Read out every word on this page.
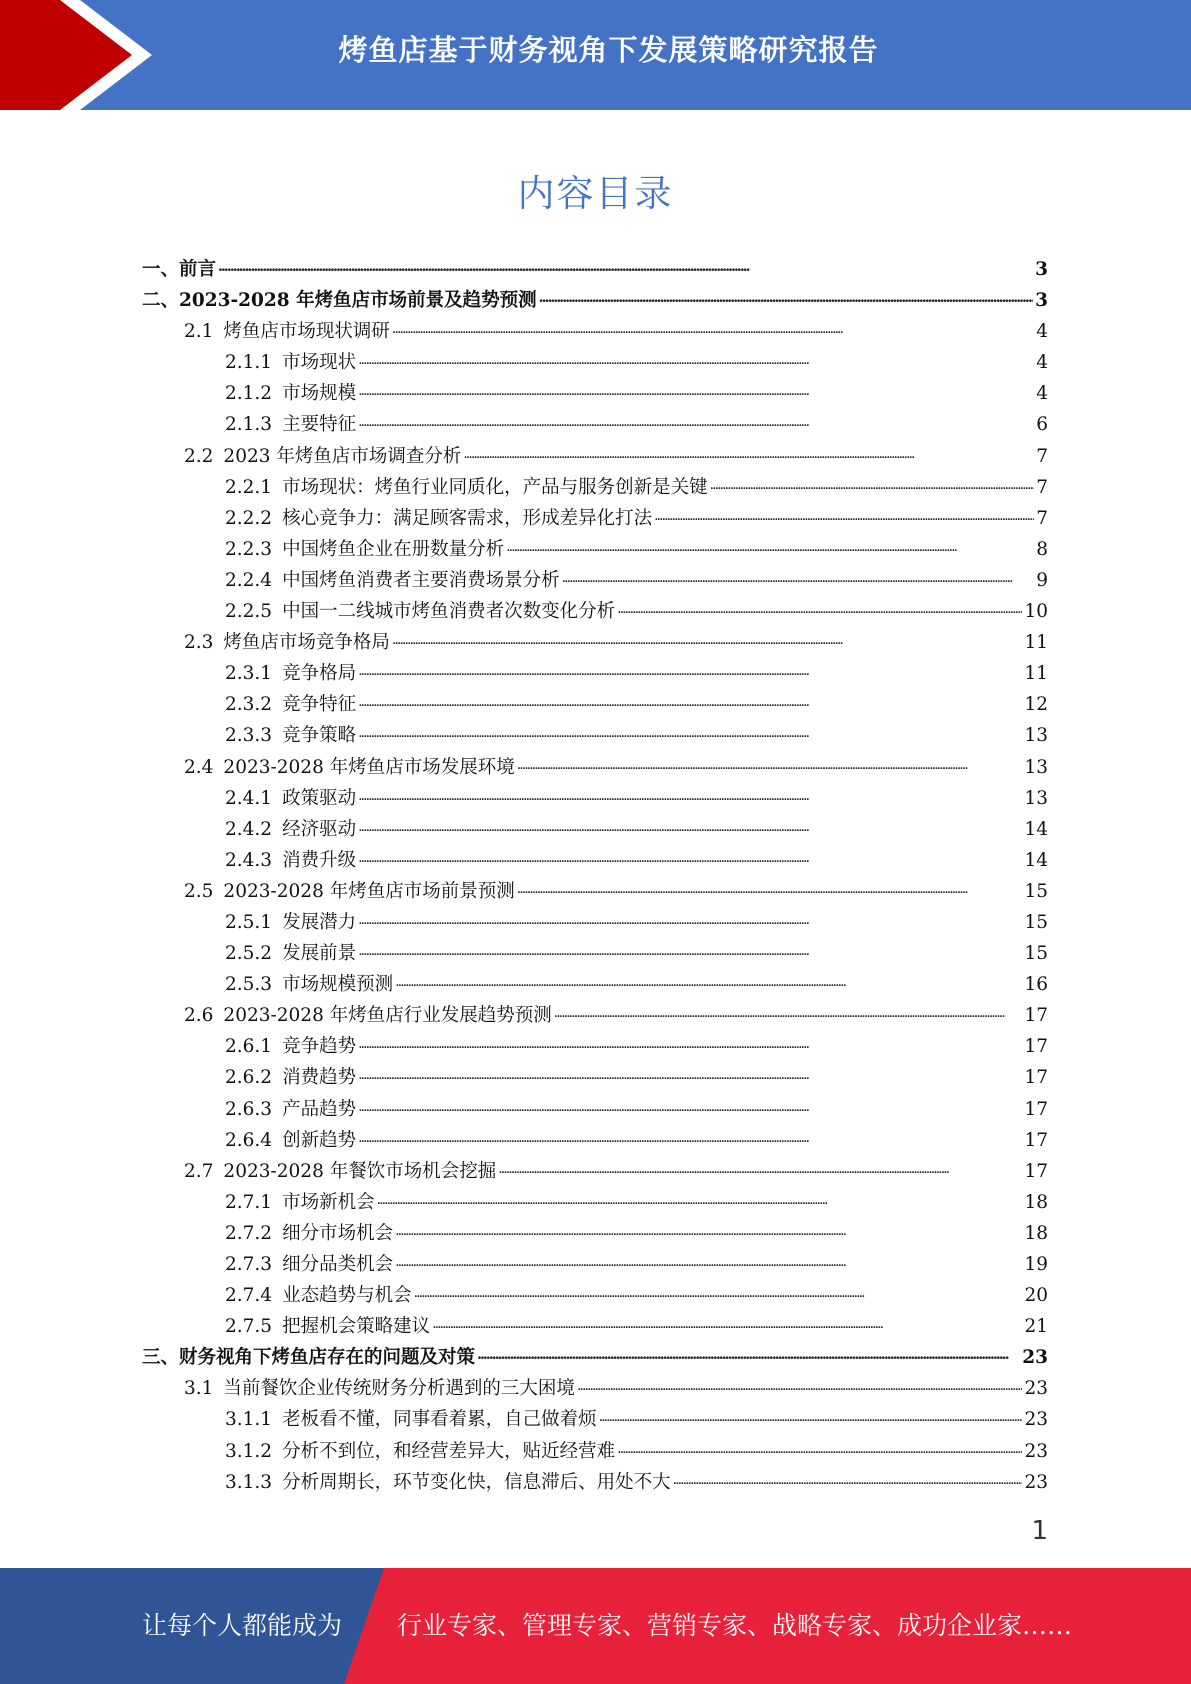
烤鱼店基于财务视角下发展策略研究报告
内容目录
一、 前言 . . .	3
二、 2023-2028 年烤鱼店市场前景及趋势预测 . . .	3
2.1 烤鱼店市场现状调研 . . .	4
2.1.1 市场现状 . . .	4
2.1.2 市场规模 . . .	4
2.1.3 主要特征 . . .	6
2.2 2023 年烤鱼店市场调查分析 . . .	7
2.2.1 市场现状：烤鱼行业同质化，产品与服务创新是关键 . . .	7
2.2.2 核心竞争力：满足顾客需求，形成差异化打法 . . .	7
2.2.3 中国烤鱼企业在册数量分析 . . .	8
2.2.4 中国烤鱼消费者主要消费场景分析 . . .	9
2.2.5 中国一二线城市烤鱼消费者次数变化分析 . . .	10
2.3 烤鱼店市场竞争格局 . . .	11
2.3.1 竞争格局 . . .	11
2.3.2 竞争特征 . . .	12
2.3.3 竞争策略 . . .	13
2.4 2023-2028 年烤鱼店市场发展环境 . . .	13
2.4.1 政策驱动 . . .	13
2.4.2 经济驱动 . . .	14
2.4.3 消费升级 . . .	14
2.5 2023-2028 年烤鱼店市场前景预测 . . .	15
2.5.1 发展潜力 . . .	15
2.5.2 发展前景 . . .	15
2.5.3 市场规模预测 . . .	16
2.6 2023-2028 年烤鱼店行业发展趋势预测 . . .	17
2.6.1 竞争趋势 . . .	17
2.6.2 消费趋势 . . .	17
2.6.3 产品趋势 . . .	17
2.6.4 创新趋势 . . .	17
2.7 2023-2028 年餐饮市场机会挖掘 . . .	17
2.7.1 市场新机会 . . .	18
2.7.2 细分市场机会 . . .	18
2.7.3 细分品类机会 . . .	19
2.7.4 业态趋势与机会 . . .	20
2.7.5 把握机会策略建议 . . .	21
三、 财务视角下烤鱼店存在的问题及对策 . . .	23
3.1 当前餐饮企业传统财务分析遇到的三大困境 . . .	23
3.1.1 老板看不懂，同事看着累，自己做着烦 . . .	23
3.1.2 分析不到位，和经营差异大，贴近经营难 . . .	23
3.1.3 分析周期长，环节变化快，信息滞后、用处不大 . . .	23
1
让每个人都能成为 行业专家、管理专家、营销专家、战略专家、成功企业家……
